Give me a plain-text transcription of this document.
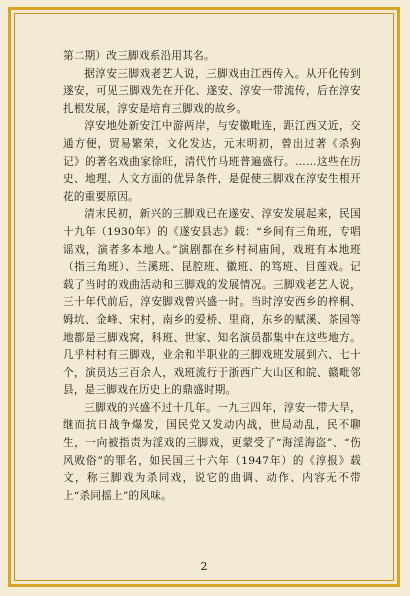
第二期）改三脚戏系沿用其名。

据淳安三脚戏老艺人说，三脚戏由江西传入。从开化传到遂安，可见三脚戏先在开化、遂安、淳安一带流传，后在淳安扎根发展，淳安是培育三脚戏的故乡。

淳安地处新安江中游两岸，与安徽毗连，距江西又近，交通方便，贸易繁荣，文化发达，元末明初，曾出过著《杀狗记》的著名戏曲家徐旺，清代竹马班普遍盛行。……这些在历史、地理、人文方面的优异条件，是促使三脚戏在淳安生根开花的重要原因。

清末民初，新兴的三脚戏已在遂安、淳安发展起来，民国十九年（1930年）的《遂安县志》载：“乡间有三角班，专唱谣戏，演者多本地人。”演剧都在乡村祠庙间，戏班有本地班（指三角班）、兰溪班、昆腔班、徽班、的笃班、目莲戏。记载了当时的戏曲活动和三脚戏的发展情况。三脚戏老艺人说，三十年代前后，淳安脚戏曾兴盛一时。当时淳安西乡的梓桐、姆坑、金峰、宋村，南乡的爱桥、里商，东乡的赋溪、茶园等地都是三脚戏窝，科班、世家、知名演员都集中在这些地方。几乎村村有三脚戏，业余和半职业的三脚戏班发展到六、七十个，演员达三百余人，戏班流行于浙西广大山区和皖、赣毗邻县，是三脚戏在历史上的鼎盛时期。

三脚戏的兴盛不过十几年。一九三四年，淳安一带大旱，继而抗日战争爆发，国民党又发动内战，世局动乱，民不聊生，一向被指责为淫戏的三脚戏，更蒙受了“海淫海盗”、“伤风败俗”的罪名，如民国三十六年（1947年）的《淳报》载文，称三脚戏为杀同戏，说它的曲调、动作、内容无不带上“杀同摇上”的风味。

2
